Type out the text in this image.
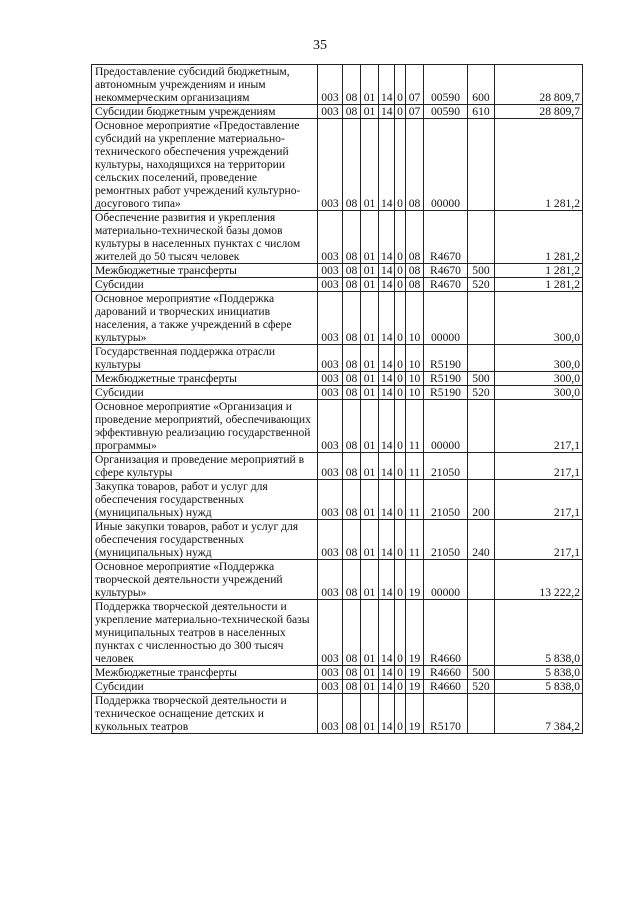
35
Предоставление субсидий бюджетным, автономным учреждениям и иным некоммерческим организациям	003	08	01	14	0	07	00590	600	28 809,7
Субсидии бюджетным учреждениям	003	08	01	14	0	07	00590	610	28 809,7
Основное мероприятие «Предоставление субсидий на укрепление материально-технического обеспечения учреждений культуры, находящихся на территории сельских поселений, проведение ремонтных работ учреждений культурно-досугового типа»	003	08	01	14	0	08	00000		1 281,2
Обеспечение развития и укрепления материально-технической базы домов культуры в населенных пунктах с числом жителей до 50 тысяч человек	003	08	01	14	0	08	R4670		1 281,2
Межбюджетные трансферты	003	08	01	14	0	08	R4670	500	1 281,2
Субсидии	003	08	01	14	0	08	R4670	520	1 281,2
Основное мероприятие «Поддержка дарований и творческих инициатив населения, а также учреждений в сфере культуры»	003	08	01	14	0	10	00000		300,0
Государственная поддержка отрасли культуры	003	08	01	14	0	10	R5190		300,0
Межбюджетные трансферты	003	08	01	14	0	10	R5190	500	300,0
Субсидии	003	08	01	14	0	10	R5190	520	300,0
Основное мероприятие «Организация и проведение мероприятий, обеспечивающих эффективную реализацию государственной программы»	003	08	01	14	0	11	00000		217,1
Организация и проведение мероприятий в сфере культуры	003	08	01	14	0	11	21050		217,1
Закупка товаров, работ и услуг для обеспечения государственных (муниципальных) нужд	003	08	01	14	0	11	21050	200	217,1
Иные закупки товаров, работ и услуг для обеспечения государственных (муниципальных) нужд	003	08	01	14	0	11	21050	240	217,1
Основное мероприятие «Поддержка творческой деятельности учреждений культуры»	003	08	01	14	0	19	00000		13 222,2
Поддержка творческой деятельности и укрепление материально-технической базы муниципальных театров в населенных пунктах с численностью до 300 тысяч человек	003	08	01	14	0	19	R4660		5 838,0
Межбюджетные трансферты	003	08	01	14	0	19	R4660	500	5 838,0
Субсидии	003	08	01	14	0	19	R4660	520	5 838,0
Поддержка творческой деятельности и техническое оснащение детских и кукольных театров	003	08	01	14	0	19	R5170		7 384,2
